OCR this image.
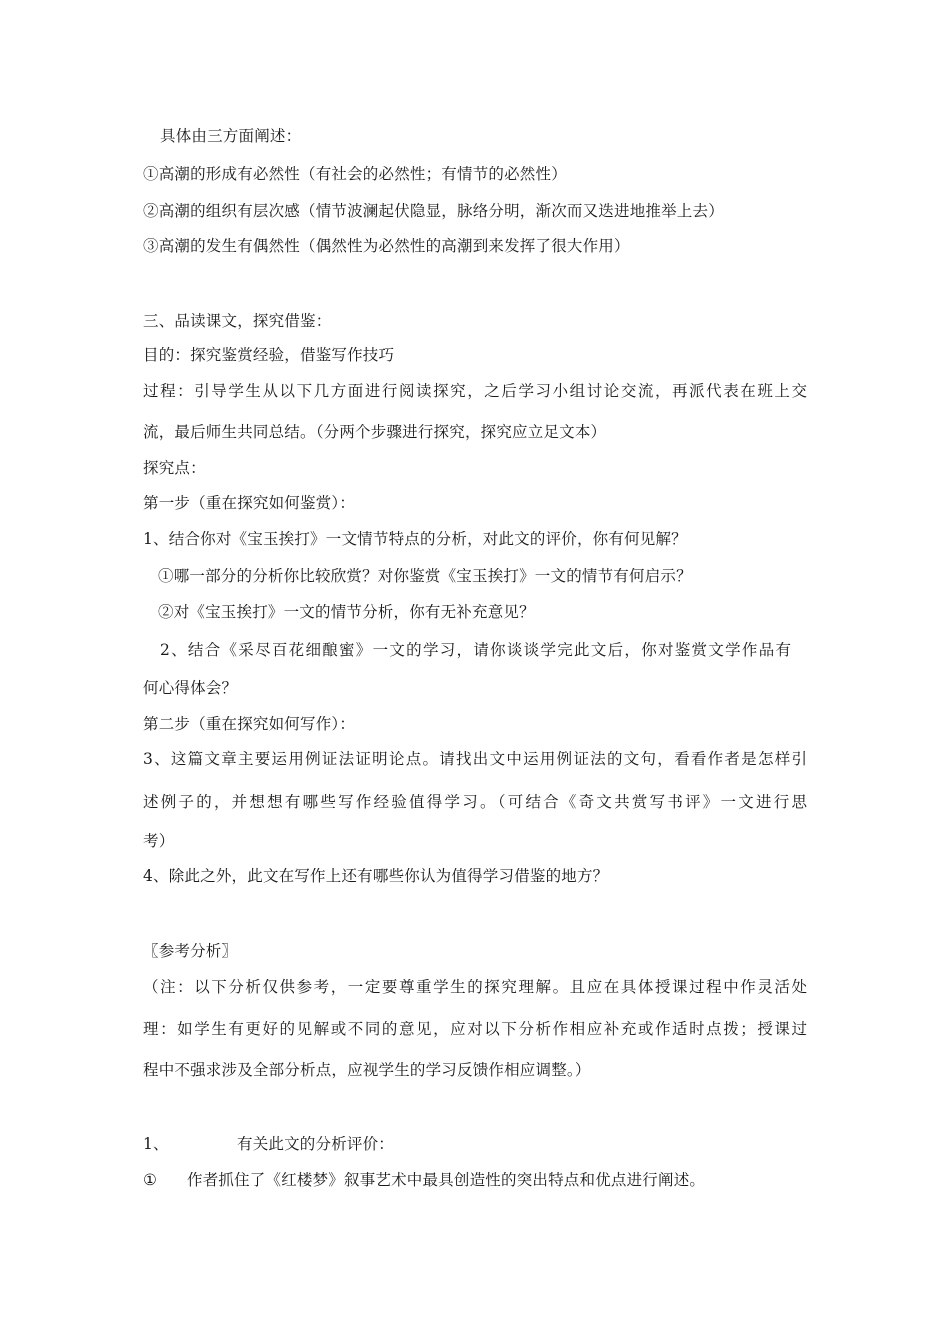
具体由三方面阐述：
①高潮的形成有必然性（有社会的必然性；有情节的必然性）
②高潮的组织有层次感（情节波澜起伏隐显，脉络分明，渐次而又迭进地推举上去）
③高潮的发生有偶然性（偶然性为必然性的高潮到来发挥了很大作用）
三、品读课文，探究借鉴：
目的：探究鉴赏经验，借鉴写作技巧
过程：引导学生从以下几方面进行阅读探究，之后学习小组讨论交流，再派代表在班上交
流，最后师生共同总结。（分两个步骤进行探究，探究应立足文本）
探究点：
第一步（重在探究如何鉴赏）：
1、结合你对《宝玉挨打》一文情节特点的分析，对此文的评价，你有何见解？
①哪一部分的分析你比较欣赏？对你鉴赏《宝玉挨打》一文的情节有何启示？
②对《宝玉挨打》一文的情节分析，你有无补充意见？
2、结合《采尽百花细酿蜜》一文的学习，请你谈谈学完此文后，你对鉴赏文学作品有
何心得体会？
第二步（重在探究如何写作）：
3、这篇文章主要运用例证法证明论点。请找出文中运用例证法的文句，看看作者是怎样引
述例子的，并想想有哪些写作经验值得学习。（可结合《奇文共赏写书评》一文进行思
考）
4、除此之外，此文在写作上还有哪些你认为值得学习借鉴的地方？
〖参考分析〗
（注：以下分析仅供参考，一定要尊重学生的探究理解。且应在具体授课过程中作灵活处
理：如学生有更好的见解或不同的意见，应对以下分析作相应补充或作适时点拨；授课过
程中不强求涉及全部分析点，应视学生的学习反馈作相应调整。）
1、	有关此文的分析评价：
① 作者抓住了《红楼梦》叙事艺术中最具创造性的突出特点和优点进行阐述。
